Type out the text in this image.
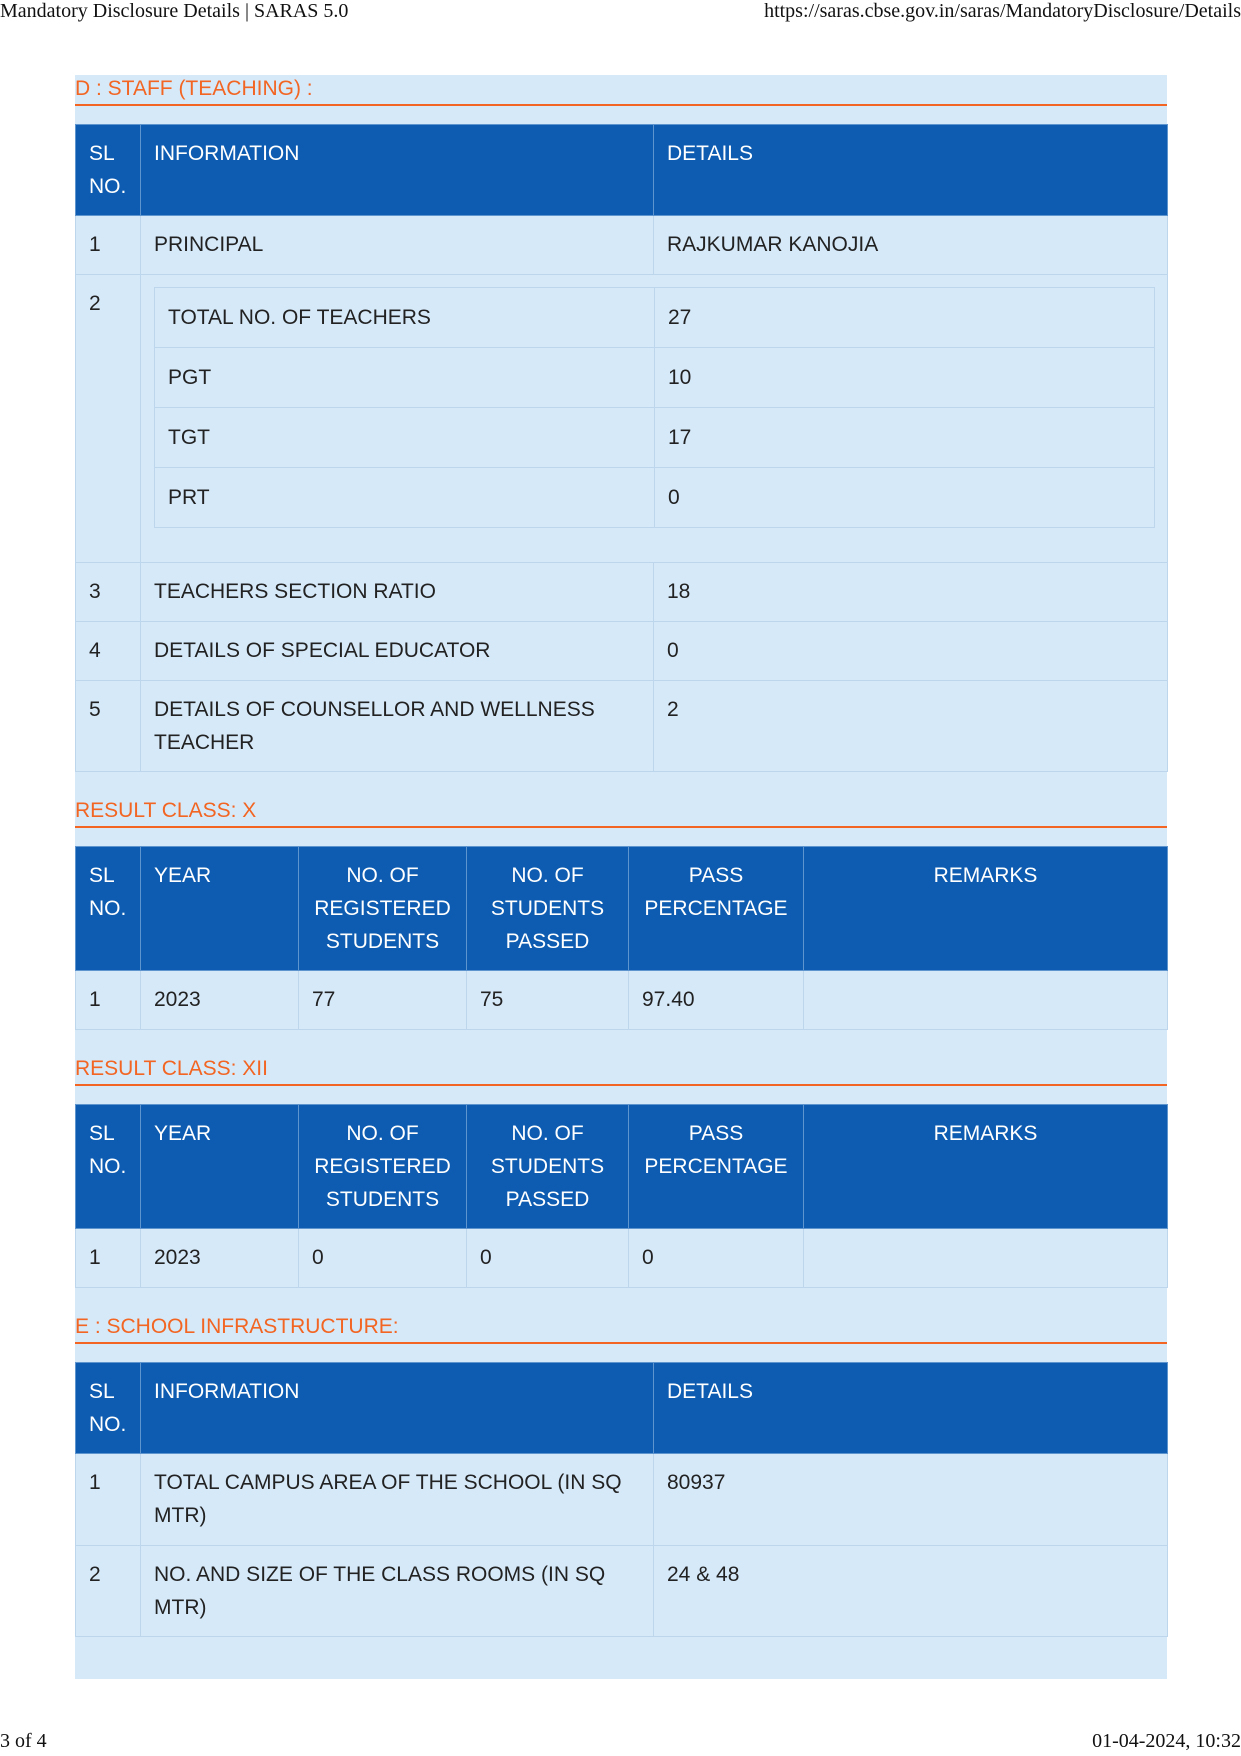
Mandatory Disclosure Details | SARAS 5.0	https://saras.cbse.gov.in/saras/MandatoryDisclosure/Details
D : STAFF (TEACHING) :
SL NO.	INFORMATION	DETAILS
1	PRINCIPAL	RAJKUMAR KANOJIA
2	
TOTAL NO. OF TEACHERS	27
PGT	10
TGT	17
PRT	0

3	TEACHERS SECTION RATIO	18
4	DETAILS OF SPECIAL EDUCATOR	0
5	DETAILS OF COUNSELLOR AND WELLNESS TEACHER	2
RESULT CLASS: X
SL NO.	YEAR	NO. OF REGISTERED STUDENTS	NO. OF STUDENTS PASSED	PASS PERCENTAGE	REMARKS
1	2023	77	75	97.40	
RESULT CLASS: XII
SL NO.	YEAR	NO. OF REGISTERED STUDENTS	NO. OF STUDENTS PASSED	PASS PERCENTAGE	REMARKS
1	2023	0	0	0	
E : SCHOOL INFRASTRUCTURE:
SL NO.	INFORMATION	DETAILS
1	TOTAL CAMPUS AREA OF THE SCHOOL (IN SQ MTR)	80937
2	NO. AND SIZE OF THE CLASS ROOMS (IN SQ MTR)	24 & 48
3 of 4	01-04-2024, 10:32
